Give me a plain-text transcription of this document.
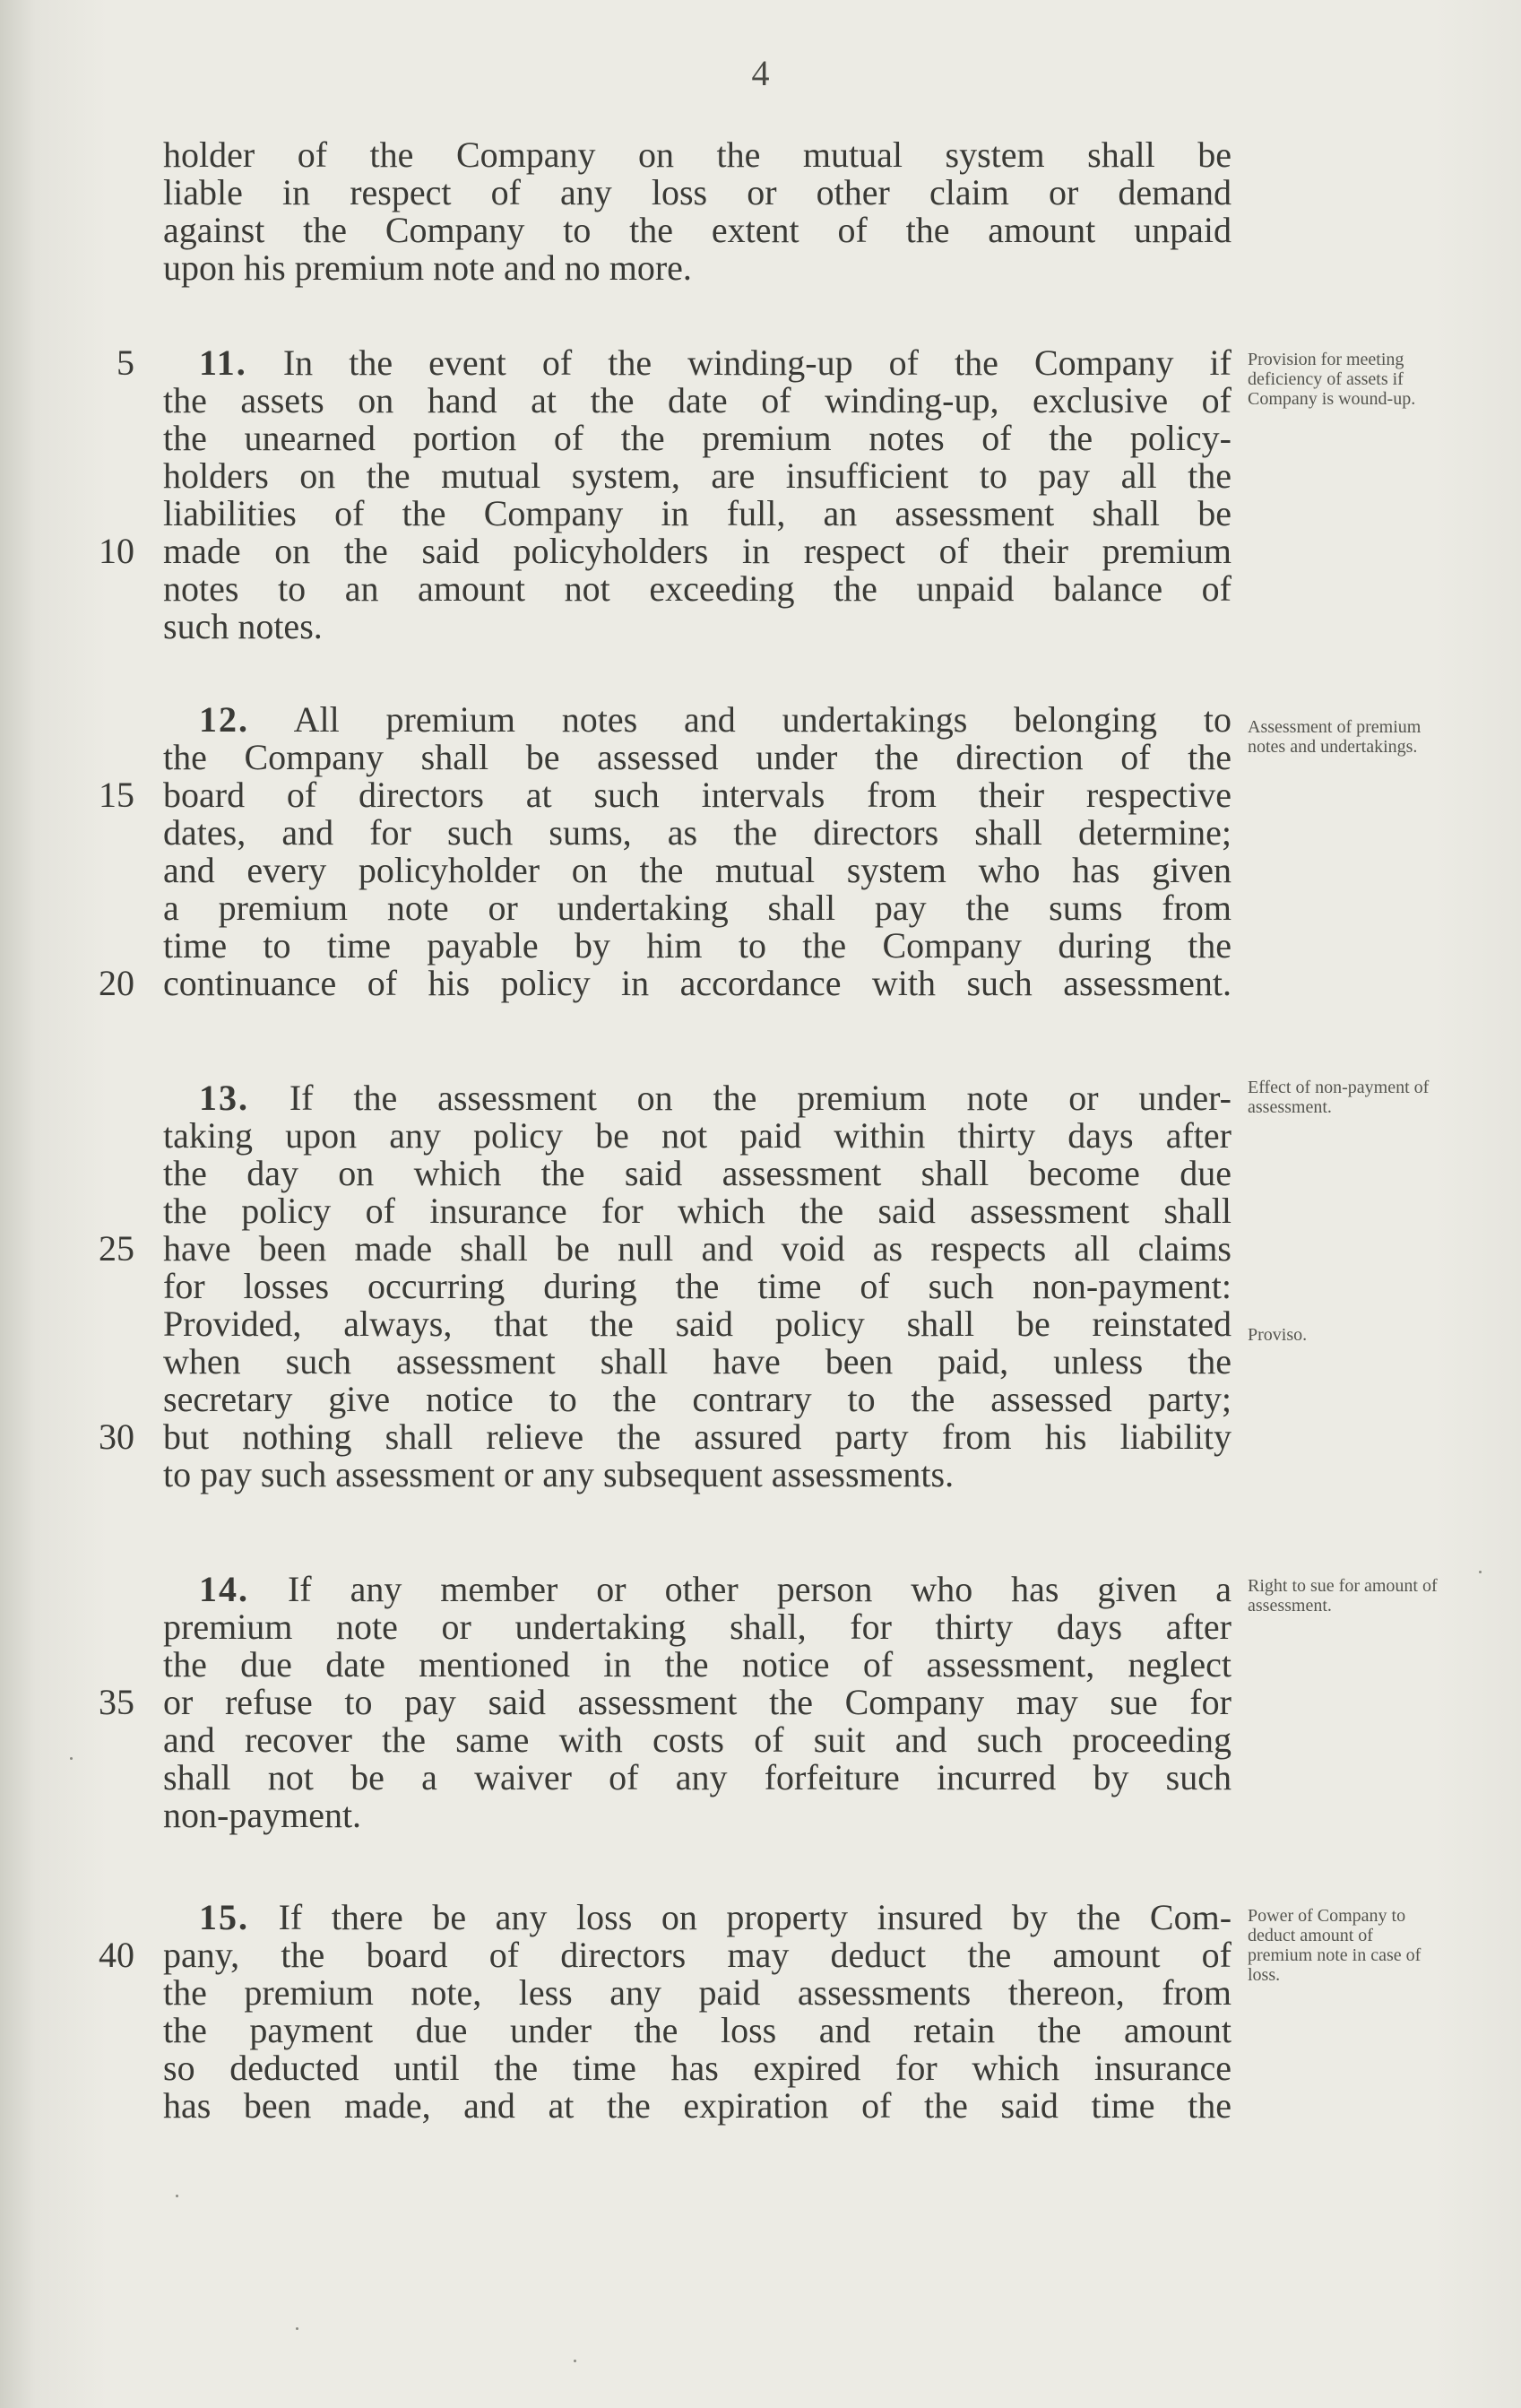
4
holder of the Company on the mutual system shall be
liable in respect of any loss or other claim or demand
against the Company to the extent of the amount unpaid
upon his premium note and no more.
11. In the event of the winding-up of the Company if
the assets on hand at the date of winding-up, exclusive of
the unearned portion of the premium notes of the policy-
holders on the mutual system, are insufficient to pay all the
liabilities of the Company in full, an assessment shall be
made on the said policyholders in respect of their premium
notes to an amount not exceeding the unpaid balance of
such notes.
5
10
Provision for meeting deficiency of assets if Company is wound-up.
12. All premium notes and undertakings belonging to
the Company shall be assessed under the direction of the
board of directors at such intervals from their respective
dates, and for such sums, as the directors shall determine;
and every policyholder on the mutual system who has given
a premium note or undertaking shall pay the sums from
time to time payable by him to the Company during the
continuance of his policy in accordance with such assessment.
15
20
Assessment of premium notes and undertakings.
13. If the assessment on the premium note or under-
taking upon any policy be not paid within thirty days after
the day on which the said assessment shall become due
the policy of insurance for which the said assessment shall
have been made shall be null and void as respects all claims
for losses occurring during the time of such non-payment:
Provided, always, that the said policy shall be reinstated
when such assessment shall have been paid, unless the
secretary give notice to the contrary to the assessed party;
but nothing shall relieve the assured party from his liability
to pay such assessment or any subsequent assessments.
25
30
Effect of non-payment of assessment.
Proviso.
14. If any member or other person who has given a
premium note or undertaking shall, for thirty days after
the due date mentioned in the notice of assessment, neglect
or refuse to pay said assessment the Company may sue for
and recover the same with costs of suit and such proceeding
shall not be a waiver of any forfeiture incurred by such
non-payment.
35
Right to sue for amount of assessment.
15. If there be any loss on property insured by the Com-
pany, the board of directors may deduct the amount of
the premium note, less any paid assessments thereon, from
the payment due under the loss and retain the amount
so deducted until the time has expired for which insurance
has been made, and at the expiration of the said time the
40
Power of Company to deduct amount of premium note in case of loss.
